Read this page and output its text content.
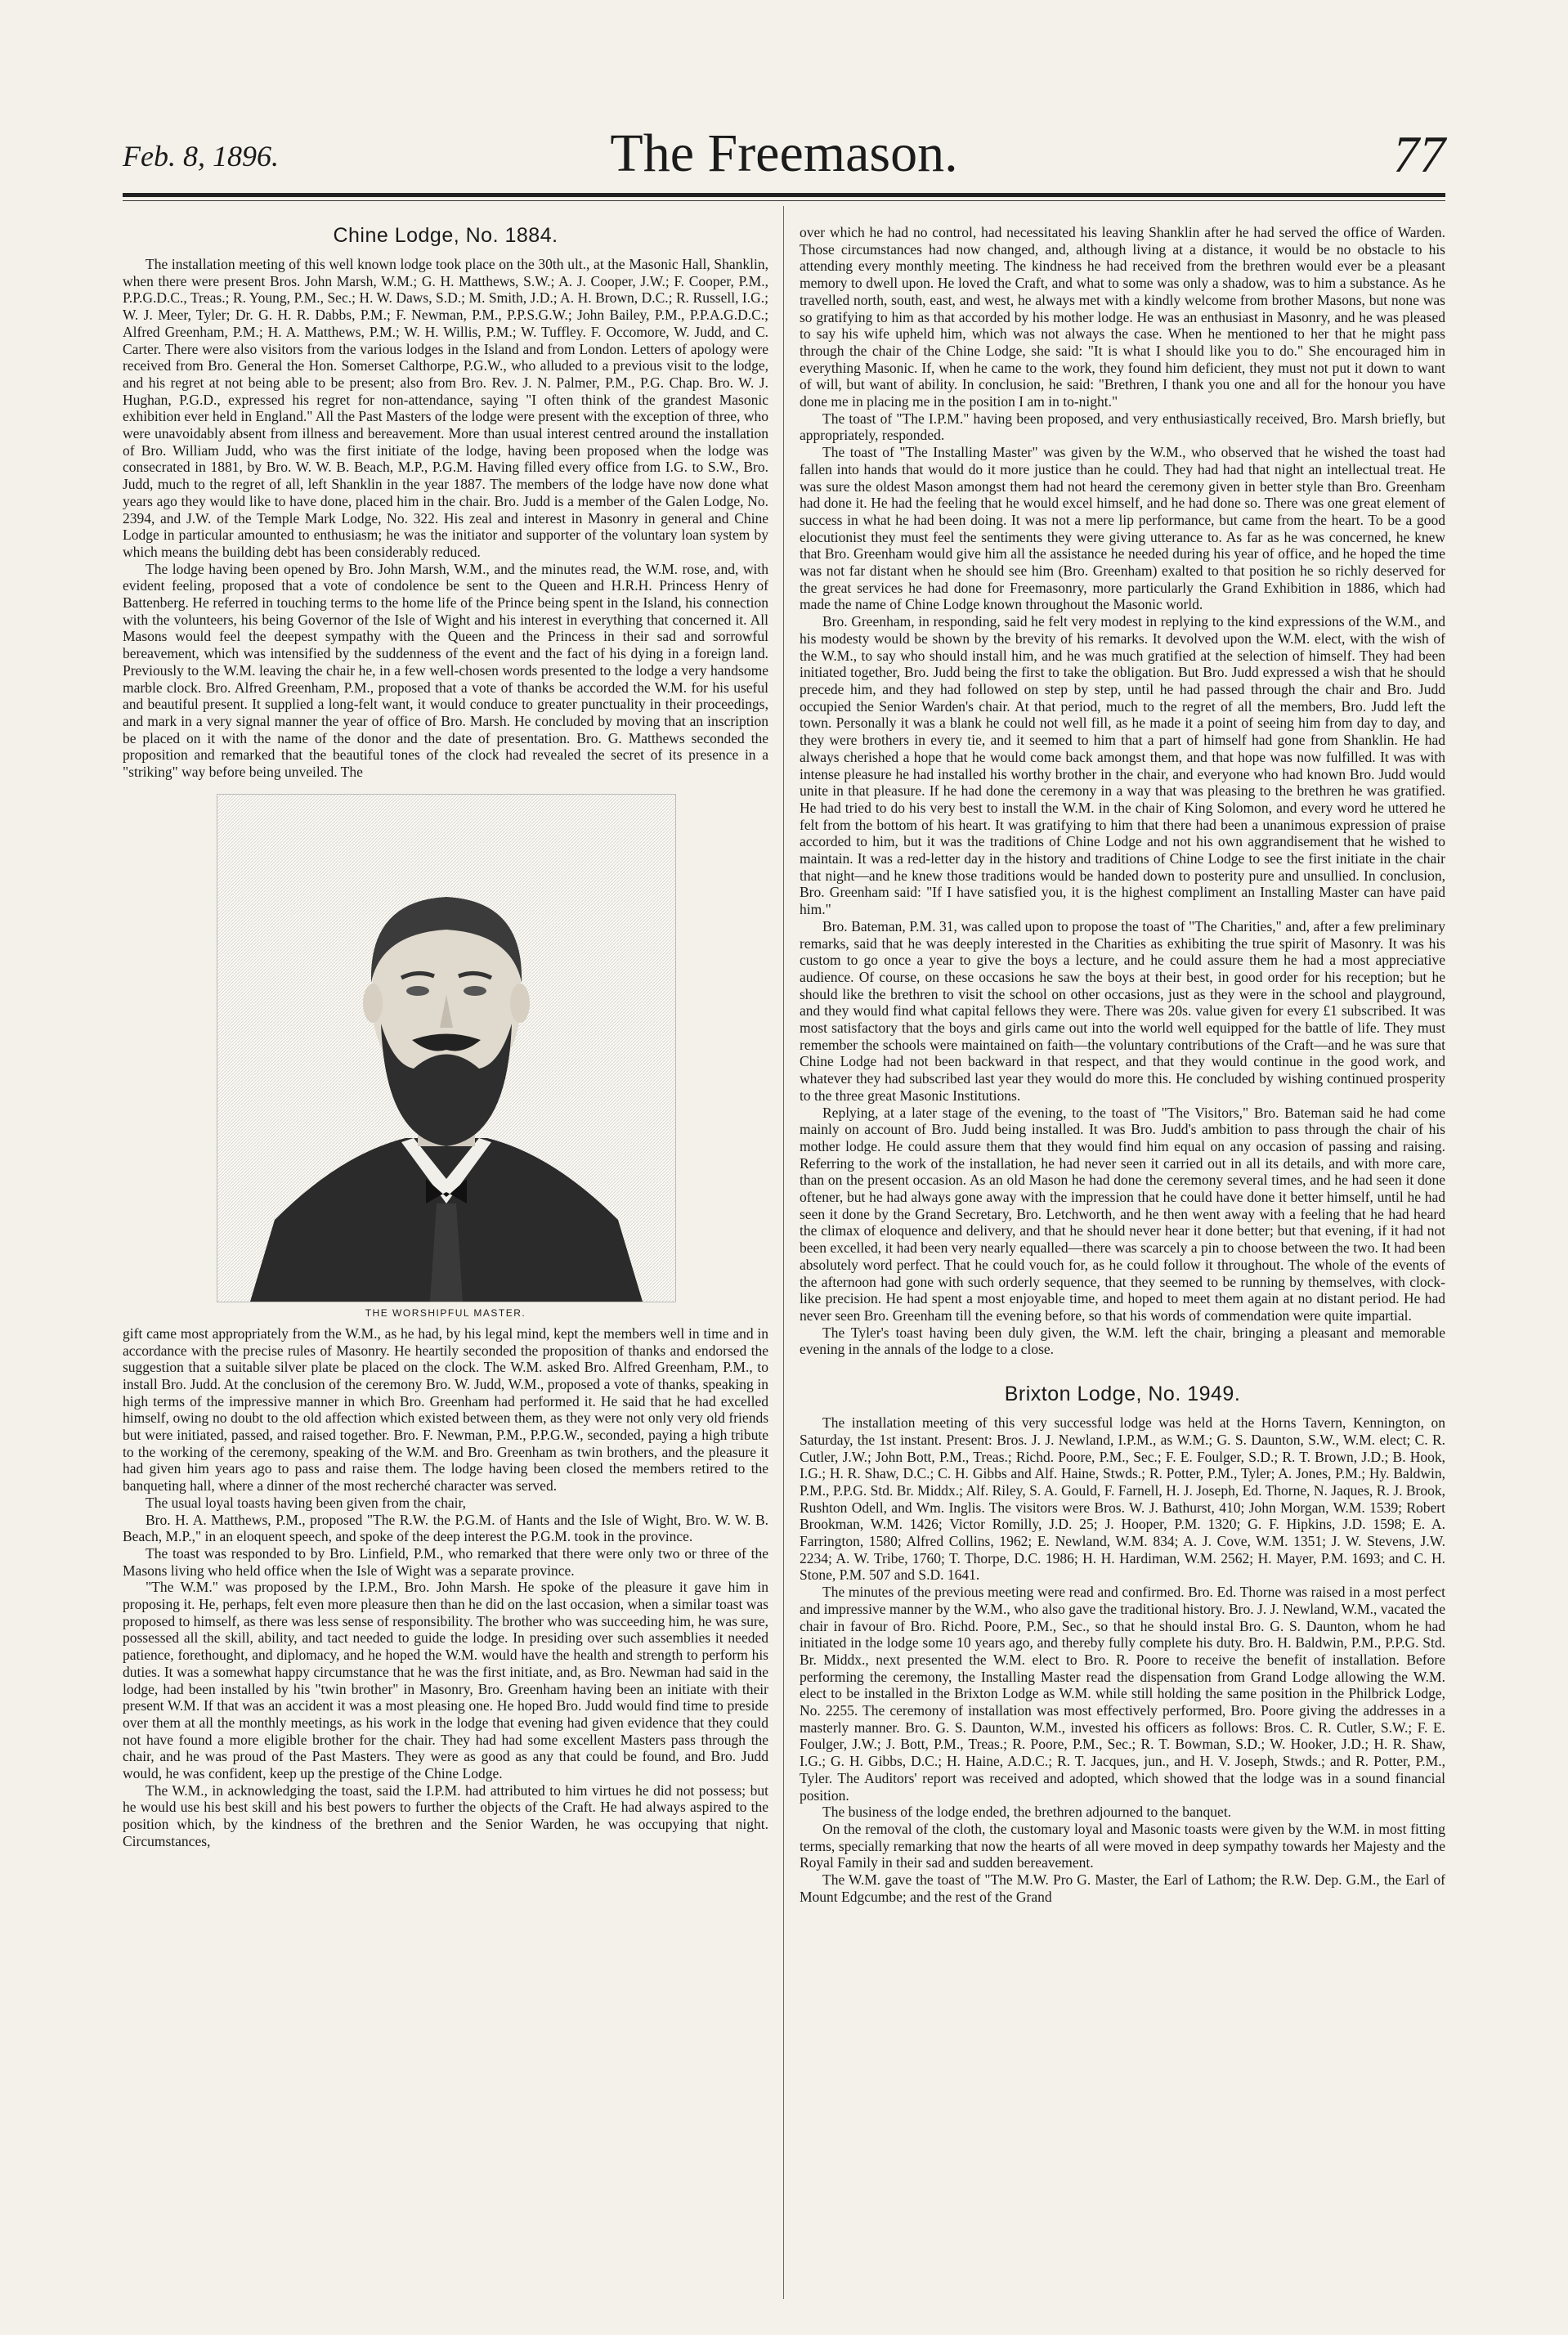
Feb. 8, 1896.	The Freemason.	77
Chine Lodge, No. 1884.

The installation meeting of this well known lodge took place on the 30th ult., at the Masonic Hall, Shanklin, when there were present Bros. John Marsh, W.M.; G. H. Matthews, S.W.; A. J. Cooper, J.W.; F. Cooper, P.M., P.P.G.D.C., Treas.; R. Young, P.M., Sec.; H. W. Daws, S.D.; M. Smith, J.D.; A. H. Brown, D.C.; R. Russell, I.G.; W. J. Meer, Tyler; Dr. G. H. R. Dabbs, P.M.; F. Newman, P.M., P.P.S.G.W.; John Bailey, P.M., P.P.A.G.D.C.; Alfred Greenham, P.M.; H. A. Matthews, P.M.; W. H. Willis, P.M.; W. Tuffley. F. Occomore, W. Judd, and C. Carter. There were also visitors from the various lodges in the Island and from London. Letters of apology were received from Bro. General the Hon. Somerset Calthorpe, P.G.W., who alluded to a previous visit to the lodge, and his regret at not being able to be present; also from Bro. Rev. J. N. Palmer, P.M., P.G. Chap. Bro. W. J. Hughan, P.G.D., expressed his regret for non-attendance, saying "I often think of the grandest Masonic exhibition ever held in England." All the Past Masters of the lodge were present with the exception of three, who were unavoidably absent from illness and bereavement. More than usual interest centred around the installation of Bro. William Judd, who was the first initiate of the lodge, having been proposed when the lodge was consecrated in 1881, by Bro. W. W. B. Beach, M.P., P.G.M. Having filled every office from I.G. to S.W., Bro. Judd, much to the regret of all, left Shanklin in the year 1887. The members of the lodge have now done what years ago they would like to have done, placed him in the chair. Bro. Judd is a member of the Galen Lodge, No. 2394, and J.W. of the Temple Mark Lodge, No. 322. His zeal and interest in Masonry in general and Chine Lodge in particular amounted to enthusiasm; he was the initiator and supporter of the voluntary loan system by which means the building debt has been considerably reduced.

The lodge having been opened by Bro. John Marsh, W.M., and the minutes read, the W.M. rose, and, with evident feeling, proposed that a vote of condolence be sent to the Queen and H.R.H. Princess Henry of Battenberg. He referred in touching terms to the home life of the Prince being spent in the Island, his connection with the volunteers, his being Governor of the Isle of Wight and his interest in everything that concerned it. All Masons would feel the deepest sympathy with the Queen and the Princess in their sad and sorrowful bereavement, which was intensified by the suddenness of the event and the fact of his dying in a foreign land. Previously to the W.M. leaving the chair he, in a few well-chosen words presented to the lodge a very handsome marble clock. Bro. Alfred Greenham, P.M., proposed that a vote of thanks be accorded the W.M. for his useful and beautiful present. It supplied a long-felt want, it would conduce to greater punctuality in their proceedings, and mark in a very signal manner the year of office of Bro. Marsh. He concluded by moving that an inscription be placed on it with the name of the donor and the date of presentation. Bro. G. Matthews seconded the proposition and remarked that the beautiful tones of the clock had revealed the secret of its presence in a "striking" way before being unveiled. The

THE WORSHIPFUL MASTER.

gift came most appropriately from the W.M., as he had, by his legal mind, kept the members well in time and in accordance with the precise rules of Masonry. He heartily seconded the proposition of thanks and endorsed the suggestion that a suitable silver plate be placed on the clock. The W.M. asked Bro. Alfred Greenham, P.M., to install Bro. Judd. At the conclusion of the ceremony Bro. W. Judd, W.M., proposed a vote of thanks, speaking in high terms of the impressive manner in which Bro. Greenham had performed it. He said that he had excelled himself, owing no doubt to the old affection which existed between them, as they were not only very old friends but were initiated, passed, and raised together. Bro. F. Newman, P.M., P.P.G.W., seconded, paying a high tribute to the working of the ceremony, speaking of the W.M. and Bro. Greenham as twin brothers, and the pleasure it had given him years ago to pass and raise them. The lodge having been closed the members retired to the banqueting hall, where a dinner of the most recherché character was served.

The usual loyal toasts having been given from the chair,

Bro. H. A. Matthews, P.M., proposed "The R.W. the P.G.M. of Hants and the Isle of Wight, Bro. W. W. B. Beach, M.P.," in an eloquent speech, and spoke of the deep interest the P.G.M. took in the province.

The toast was responded to by Bro. Linfield, P.M., who remarked that there were only two or three of the Masons living who held office when the Isle of Wight was a separate province.

"The W.M." was proposed by the I.P.M., Bro. John Marsh. He spoke of the pleasure it gave him in proposing it. He, perhaps, felt even more pleasure then than he did on the last occasion, when a similar toast was proposed to himself, as there was less sense of responsibility. The brother who was succeeding him, he was sure, possessed all the skill, ability, and tact needed to guide the lodge. In presiding over such assemblies it needed patience, forethought, and diplomacy, and he hoped the W.M. would have the health and strength to perform his duties. It was a somewhat happy circumstance that he was the first initiate, and, as Bro. Newman had said in the lodge, had been installed by his "twin brother" in Masonry, Bro. Greenham having been an initiate with their present W.M. If that was an accident it was a most pleasing one. He hoped Bro. Judd would find time to preside over them at all the monthly meetings, as his work in the lodge that evening had given evidence that they could not have found a more eligible brother for the chair. They had had some excellent Masters pass through the chair, and he was proud of the Past Masters. They were as good as any that could be found, and Bro. Judd would, he was confident, keep up the prestige of the Chine Lodge.

The W.M., in acknowledging the toast, said the I.P.M. had attributed to him virtues he did not possess; but he would use his best skill and his best powers to further the objects of the Craft. He had always aspired to the position which, by the kindness of the brethren and the Senior Warden, he was occupying that night. Circumstances,

over which he had no control, had necessitated his leaving Shanklin after he had served the office of Warden. Those circumstances had now changed, and, although living at a distance, it would be no obstacle to his attending every monthly meeting. The kindness he had received from the brethren would ever be a pleasant memory to dwell upon. He loved the Craft, and what to some was only a shadow, was to him a substance. As he travelled north, south, east, and west, he always met with a kindly welcome from brother Masons, but none was so gratifying to him as that accorded by his mother lodge. He was an enthusiast in Masonry, and he was pleased to say his wife upheld him, which was not always the case. When he mentioned to her that he might pass through the chair of the Chine Lodge, she said: "It is what I should like you to do." She encouraged him in everything Masonic. If, when he came to the work, they found him deficient, they must not put it down to want of will, but want of ability. In conclusion, he said: "Brethren, I thank you one and all for the honour you have done me in placing me in the position I am in to-night."

The toast of "The I.P.M." having been proposed, and very enthusiastically received, Bro. Marsh briefly, but appropriately, responded.

The toast of "The Installing Master" was given by the W.M., who observed that he wished the toast had fallen into hands that would do it more justice than he could. They had had that night an intellectual treat. He was sure the oldest Mason amongst them had not heard the ceremony given in better style than Bro. Greenham had done it. He had the feeling that he would excel himself, and he had done so. There was one great element of success in what he had been doing. It was not a mere lip performance, but came from the heart. To be a good elocutionist they must feel the sentiments they were giving utterance to. As far as he was concerned, he knew that Bro. Greenham would give him all the assistance he needed during his year of office, and he hoped the time was not far distant when he should see him (Bro. Greenham) exalted to that position he so richly deserved for the great services he had done for Freemasonry, more particularly the Grand Exhibition in 1886, which had made the name of Chine Lodge known throughout the Masonic world.

Bro. Greenham, in responding, said he felt very modest in replying to the kind expressions of the W.M., and his modesty would be shown by the brevity of his remarks. It devolved upon the W.M. elect, with the wish of the W.M., to say who should install him, and he was much gratified at the selection of himself. They had been initiated together, Bro. Judd being the first to take the obligation. But Bro. Judd expressed a wish that he should precede him, and they had followed on step by step, until he had passed through the chair and Bro. Judd occupied the Senior Warden's chair. At that period, much to the regret of all the members, Bro. Judd left the town. Personally it was a blank he could not well fill, as he made it a point of seeing him from day to day, and they were brothers in every tie, and it seemed to him that a part of himself had gone from Shanklin. He had always cherished a hope that he would come back amongst them, and that hope was now fulfilled. It was with intense pleasure he had installed his worthy brother in the chair, and everyone who had known Bro. Judd would unite in that pleasure. If he had done the ceremony in a way that was pleasing to the brethren he was gratified. He had tried to do his very best to install the W.M. in the chair of King Solomon, and every word he uttered he felt from the bottom of his heart. It was gratifying to him that there had been a unanimous expression of praise accorded to him, but it was the traditions of Chine Lodge and not his own aggrandisement that he wished to maintain. It was a red-letter day in the history and traditions of Chine Lodge to see the first initiate in the chair that night—and he knew those traditions would be handed down to posterity pure and unsullied. In conclusion, Bro. Greenham said: "If I have satisfied you, it is the highest compliment an Installing Master can have paid him."

Bro. Bateman, P.M. 31, was called upon to propose the toast of "The Charities," and, after a few preliminary remarks, said that he was deeply interested in the Charities as exhibiting the true spirit of Masonry. It was his custom to go once a year to give the boys a lecture, and he could assure them he had a most appreciative audience. Of course, on these occasions he saw the boys at their best, in good order for his reception; but he should like the brethren to visit the school on other occasions, just as they were in the school and playground, and they would find what capital fellows they were. There was 20s. value given for every £1 subscribed. It was most satisfactory that the boys and girls came out into the world well equipped for the battle of life. They must remember the schools were maintained on faith—the voluntary contributions of the Craft—and he was sure that Chine Lodge had not been backward in that respect, and that they would continue in the good work, and whatever they had subscribed last year they would do more this. He concluded by wishing continued prosperity to the three great Masonic Institutions.

Replying, at a later stage of the evening, to the toast of "The Visitors," Bro. Bateman said he had come mainly on account of Bro. Judd being installed. It was Bro. Judd's ambition to pass through the chair of his mother lodge. He could assure them that they would find him equal on any occasion of passing and raising. Referring to the work of the installation, he had never seen it carried out in all its details, and with more care, than on the present occasion. As an old Mason he had done the ceremony several times, and he had seen it done oftener, but he had always gone away with the impression that he could have done it better himself, until he had seen it done by the Grand Secretary, Bro. Letchworth, and he then went away with a feeling that he had heard the climax of eloquence and delivery, and that he should never hear it done better; but that evening, if it had not been excelled, it had been very nearly equalled—there was scarcely a pin to choose between the two. It had been absolutely word perfect. That he could vouch for, as he could follow it throughout. The whole of the events of the afternoon had gone with such orderly sequence, that they seemed to be running by themselves, with clock-like precision. He had spent a most enjoyable time, and hoped to meet them again at no distant period. He had never seen Bro. Greenham till the evening before, so that his words of commendation were quite impartial.

The Tyler's toast having been duly given, the W.M. left the chair, bringing a pleasant and memorable evening in the annals of the lodge to a close.

Brixton Lodge, No. 1949.

The installation meeting of this very successful lodge was held at the Horns Tavern, Kennington, on Saturday, the 1st instant. Present: Bros. J. J. Newland, I.P.M., as W.M.; G. S. Daunton, S.W., W.M. elect; C. R. Cutler, J.W.; John Bott, P.M., Treas.; Richd. Poore, P.M., Sec.; F. E. Foulger, S.D.; R. T. Brown, J.D.; B. Hook, I.G.; H. R. Shaw, D.C.; C. H. Gibbs and Alf. Haine, Stwds.; R. Potter, P.M., Tyler; A. Jones, P.M.; Hy. Baldwin, P.M., P.P.G. Std. Br. Middx.; Alf. Riley, S. A. Gould, F. Farnell, H. J. Joseph, Ed. Thorne, N. Jaques, R. J. Brook, Rushton Odell, and Wm. Inglis. The visitors were Bros. W. J. Bathurst, 410; John Morgan, W.M. 1539; Robert Brookman, W.M. 1426; Victor Romilly, J.D. 25; J. Hooper, P.M. 1320; G. F. Hipkins, J.D. 1598; E. A. Farrington, 1580; Alfred Collins, 1962; E. Newland, W.M. 834; A. J. Cove, W.M. 1351; J. W. Stevens, J.W. 2234; A. W. Tribe, 1760; T. Thorpe, D.C. 1986; H. H. Hardiman, W.M. 2562; H. Mayer, P.M. 1693; and C. H. Stone, P.M. 507 and S.D. 1641.

The minutes of the previous meeting were read and confirmed. Bro. Ed. Thorne was raised in a most perfect and impressive manner by the W.M., who also gave the traditional history. Bro. J. J. Newland, W.M., vacated the chair in favour of Bro. Richd. Poore, P.M., Sec., so that he should instal Bro. G. S. Daunton, whom he had initiated in the lodge some 10 years ago, and thereby fully complete his duty. Bro. H. Baldwin, P.M., P.P.G. Std. Br. Middx., next presented the W.M. elect to Bro. R. Poore to receive the benefit of installation. Before performing the ceremony, the Installing Master read the dispensation from Grand Lodge allowing the W.M. elect to be installed in the Brixton Lodge as W.M. while still holding the same position in the Philbrick Lodge, No. 2255. The ceremony of installation was most effectively performed, Bro. Poore giving the addresses in a masterly manner. Bro. G. S. Daunton, W.M., invested his officers as follows: Bros. C. R. Cutler, S.W.; F. E. Foulger, J.W.; J. Bott, P.M., Treas.; R. Poore, P.M., Sec.; R. T. Bowman, S.D.; W. Hooker, J.D.; H. R. Shaw, I.G.; G. H. Gibbs, D.C.; H. Haine, A.D.C.; R. T. Jacques, jun., and H. V. Joseph, Stwds.; and R. Potter, P.M., Tyler. The Auditors' report was received and adopted, which showed that the lodge was in a sound financial position.

The business of the lodge ended, the brethren adjourned to the banquet.

On the removal of the cloth, the customary loyal and Masonic toasts were given by the W.M. in most fitting terms, specially remarking that now the hearts of all were moved in deep sympathy towards her Majesty and the Royal Family in their sad and sudden bereavement.

The W.M. gave the toast of "The M.W. Pro G. Master, the Earl of Lathom; the R.W. Dep. G.M., the Earl of Mount Edgcumbe; and the rest of the Grand
